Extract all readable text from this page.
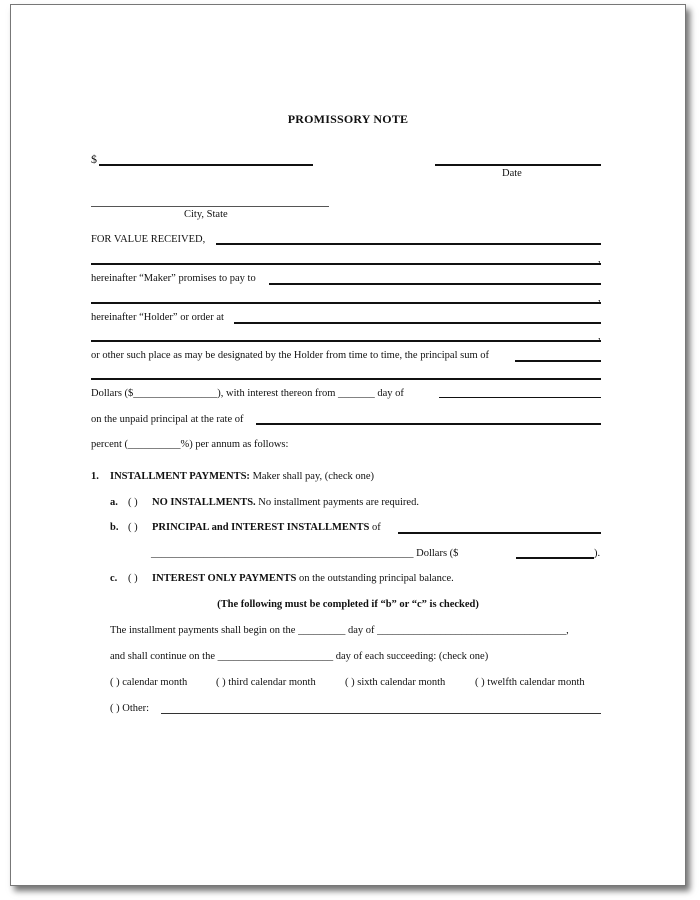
PROMISSORY NOTE
$
Date
City, State
FOR VALUE RECEIVED,
,
hereinafter “Maker” promises to pay to
,
hereinafter “Holder” or order at
,
or other such place as may be designated by the Holder from time to time, the principal sum of
Dollars ($________________), with interest thereon from _______ day of
on the unpaid principal at the rate of
percent (__________%) per annum as follows:
1. INSTALLMENT PAYMENTS: Maker shall pay, (check one)
a. ( ) NO INSTALLMENTS. No installment payments are required.
b. ( ) PRINCIPAL and INTEREST INSTALLMENTS of
__________________________________________________ Dollars ($	).
c. ( ) INTEREST ONLY PAYMENTS on the outstanding principal balance.
(The following must be completed if “b” or “c” is checked)
The installment payments shall begin on the _________ day of ____________________________________,
and shall continue on the ______________________ day of each succeeding: (check one)
( ) calendar month	( ) third calendar month	( ) sixth calendar month	( ) twelfth calendar month
( ) Other:
